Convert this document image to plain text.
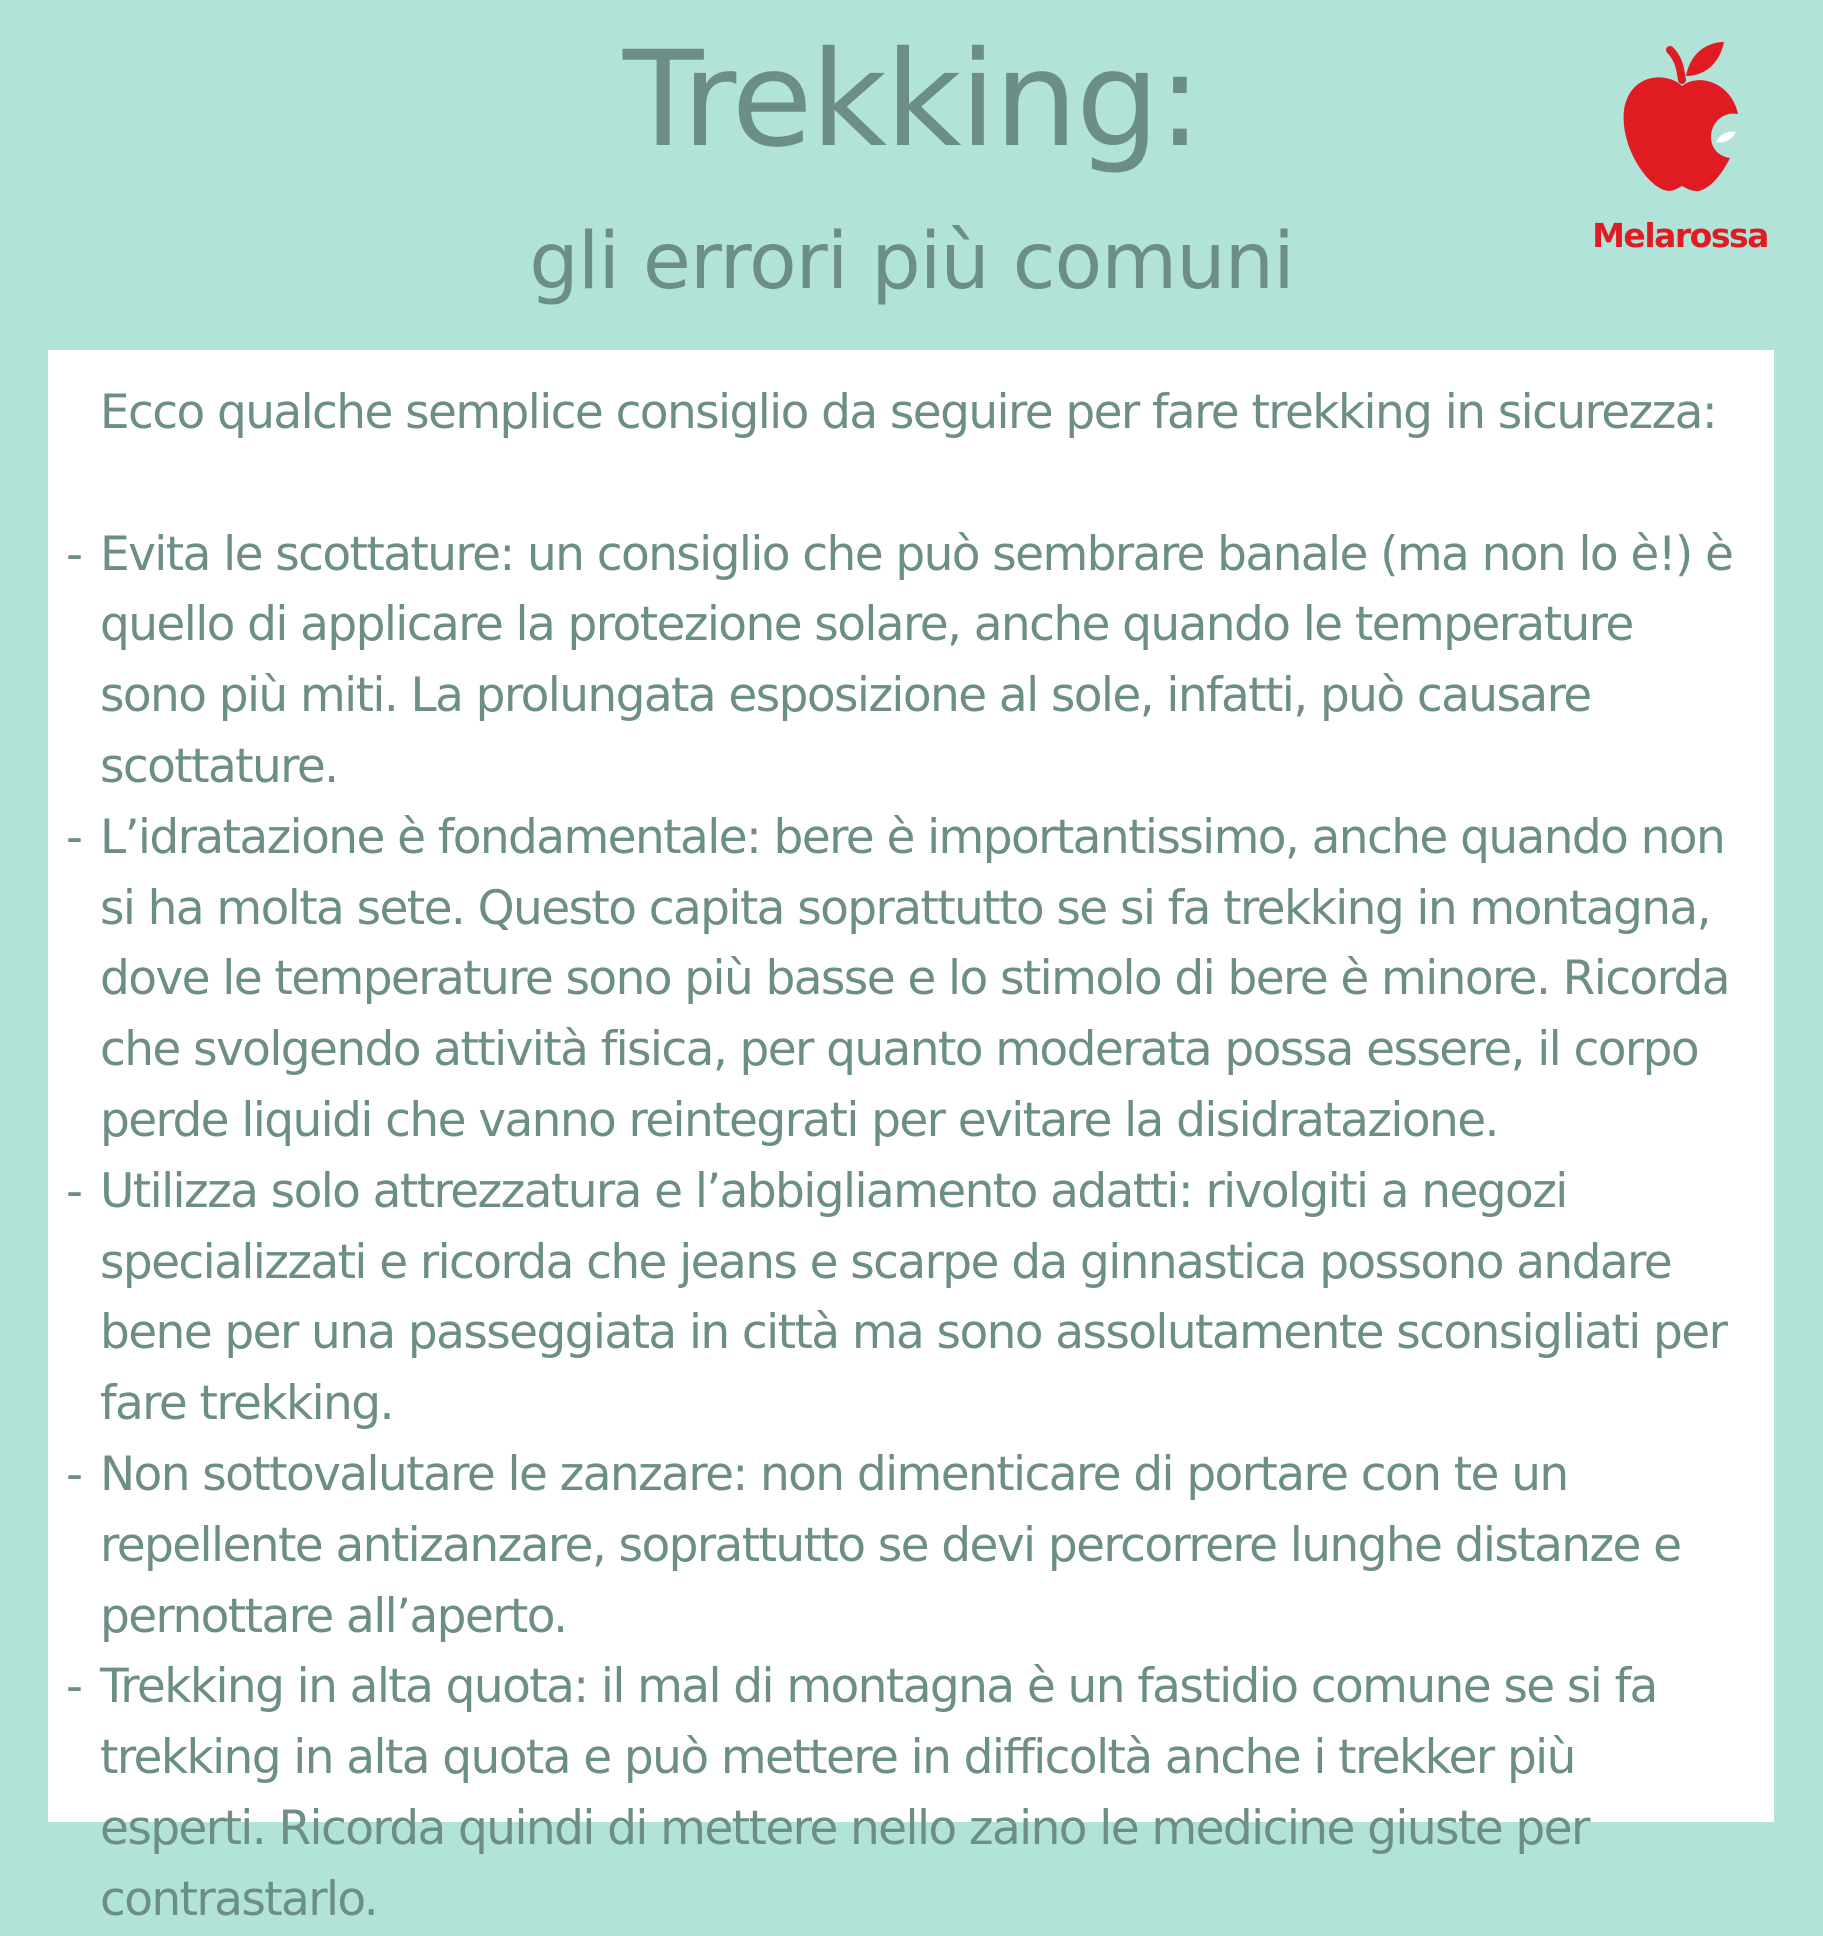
Trekking:
gli errori più comuni	Melarossa

Ecco qualche semplice consiglio da seguire per fare trekking in sicurezza:

- Evita le scottature: un consiglio che può sembrare banale (ma non lo è!) è quello di applicare la protezione solare, anche quando le temperature sono più miti. La prolungata esposizione al sole, infatti, può causare scottature.
- L’idratazione è fondamentale: bere è importantissimo, anche quando non si ha molta sete. Questo capita soprattutto se si fa trekking in montagna, dove le temperature sono più basse e lo stimolo di bere è minore. Ricorda che svolgendo attività fisica, per quanto moderata possa essere, il corpo perde liquidi che vanno reintegrati per evitare la disidratazione.
- Utilizza solo attrezzatura e l’abbigliamento adatti: rivolgiti a negozi specializzati e ricorda che jeans e scarpe da ginnastica possono andare bene per una passeggiata in città ma sono assolutamente sconsigliati per fare trekking.
- Non sottovalutare le zanzare: non dimenticare di portare con te un repellente antizanzare, soprattutto se devi percorrere lunghe distanze e pernottare all’aperto.
- Trekking in alta quota: il mal di montagna è un fastidio comune se si fa trekking in alta quota e può mettere in difficoltà anche i trekker più esperti. Ricorda quindi di mettere nello zaino le medicine giuste per contrastarlo.
